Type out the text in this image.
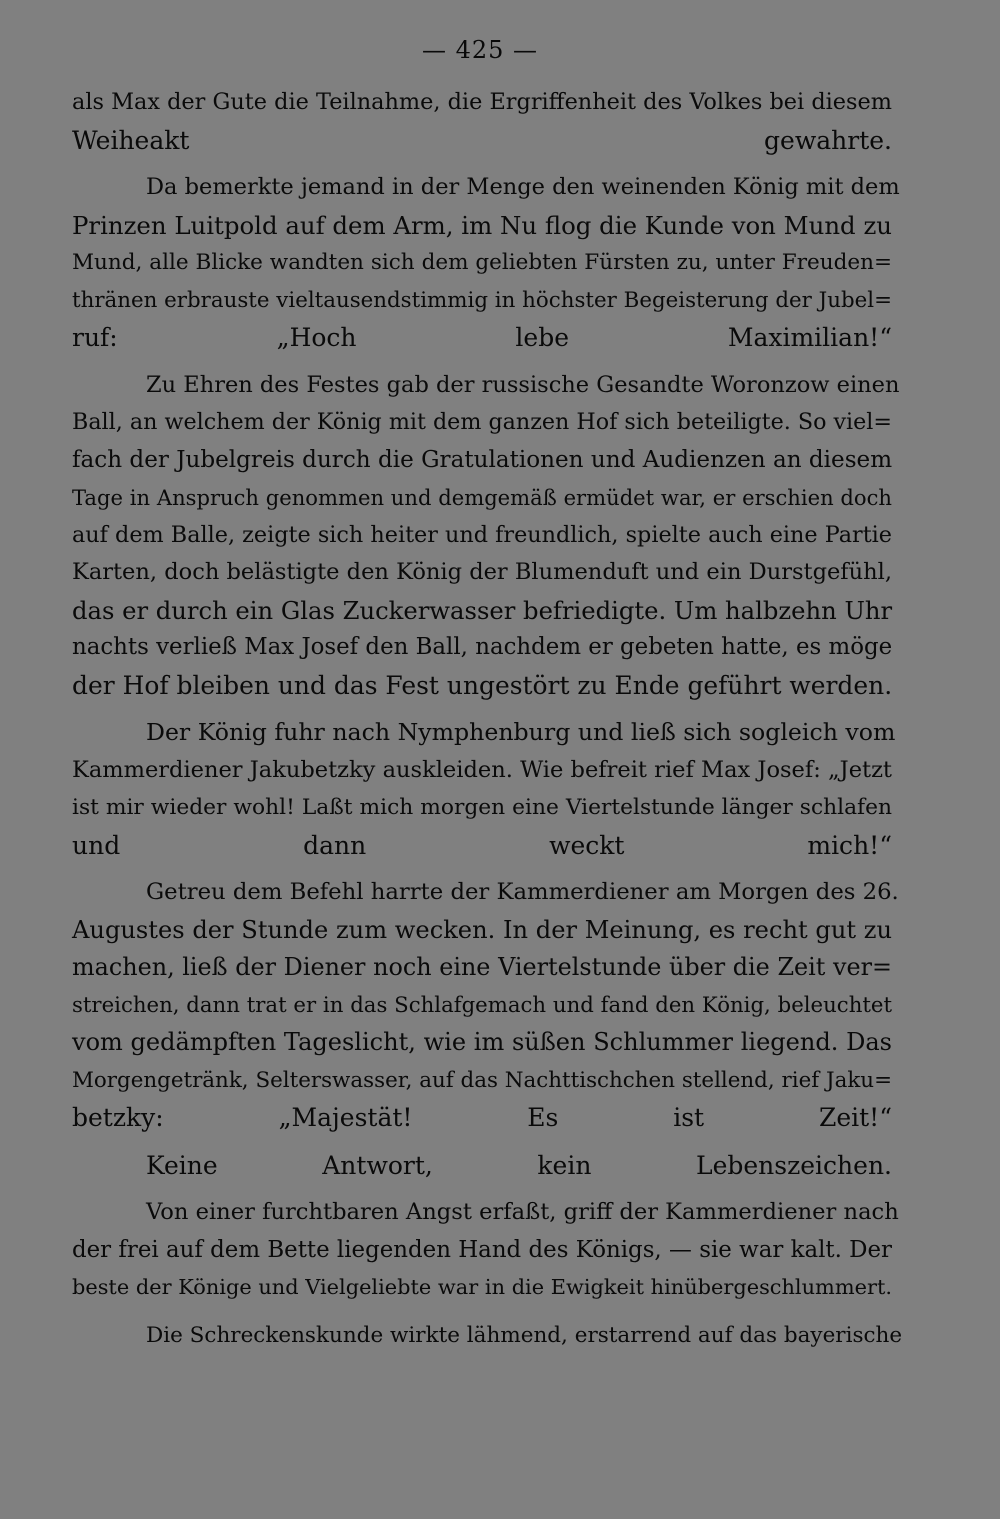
— 425 —
als Max der Gute die Teilnahme, die Ergriffenheit des Volkes bei diesem
Weiheakt gewahrte.
Da bemerkte jemand in der Menge den weinenden König mit dem
Prinzen Luitpold auf dem Arm, im Nu flog die Kunde von Mund zu
Mund, alle Blicke wandten sich dem geliebten Fürsten zu, unter Freuden=
thränen erbrauste vieltausendstimmig in höchster Begeisterung der Jubel=
ruf: „Hoch lebe Maximilian!“
Zu Ehren des Festes gab der russische Gesandte Woronzow einen
Ball, an welchem der König mit dem ganzen Hof sich beteiligte. So viel=
fach der Jubelgreis durch die Gratulationen und Audienzen an diesem
Tage in Anspruch genommen und demgemäß ermüdet war, er erschien doch
auf dem Balle, zeigte sich heiter und freundlich, spielte auch eine Partie
Karten, doch belästigte den König der Blumenduft und ein Durstgefühl,
das er durch ein Glas Zuckerwasser befriedigte. Um halbzehn Uhr
nachts verließ Max Josef den Ball, nachdem er gebeten hatte, es möge
der Hof bleiben und das Fest ungestört zu Ende geführt werden.
Der König fuhr nach Nymphenburg und ließ sich sogleich vom
Kammerdiener Jakubetzky auskleiden. Wie befreit rief Max Josef: „Jetzt
ist mir wieder wohl! Laßt mich morgen eine Viertelstunde länger schlafen
und dann weckt mich!“
Getreu dem Befehl harrte der Kammerdiener am Morgen des 26.
Augustes der Stunde zum wecken. In der Meinung, es recht gut zu
machen, ließ der Diener noch eine Viertelstunde über die Zeit ver=
streichen, dann trat er in das Schlafgemach und fand den König, beleuchtet
vom gedämpften Tageslicht, wie im süßen Schlummer liegend. Das
Morgengetränk, Selterswasser, auf das Nachttischchen stellend, rief Jaku=
betzky: „Majestät! Es ist Zeit!“
Keine Antwort, kein Lebenszeichen.
Von einer furchtbaren Angst erfaßt, griff der Kammerdiener nach
der frei auf dem Bette liegenden Hand des Königs, — sie war kalt. Der
beste der Könige und Vielgeliebte war in die Ewigkeit hinübergeschlummert.
Die Schreckenskunde wirkte lähmend, erstarrend auf das bayerische
